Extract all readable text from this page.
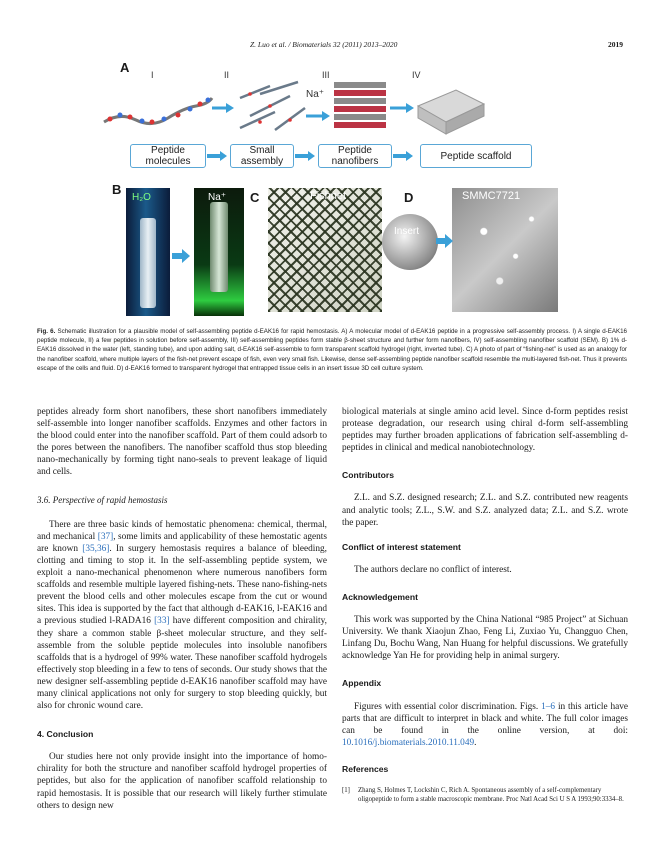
Z. Luo et al. / Biomaterials 32 (2011) 2013–2020	2019
A I	II	III	IV
Na⁺
Peptide molecules
Small assembly
Peptide nanofibers	Peptide scaffold
B
H₂O	Na⁺ C	Fishnet	D
Insert
SMMC7721
Fig. 6. Schematic illustration for a plausible model of self-assembling peptide d-EAK16 for rapid hemostasis. A) A molecular model of d-EAK16 peptide in a progressive self-assembly process. I) A single d-EAK16 peptide molecule, II) a few peptides in solution before self-assembly, III) self-assembling peptides form stable β-sheet structure and further form nanofibers, IV) self-assembling nanofiber scaffold (SEM). B) 1% d-EAK16 dissolved in the water (left, standing tube), and upon adding salt, d-EAK16 self-assemble to form transparent scaffold hydrogel (right, inverted tube). C) A photo of part of “fishing-net” is used as an analogy for the nanofiber scaffold, where multiple layers of the fish-net prevent escape of fish, even very small fish. Likewise, dense self-assembling peptide nanofiber scaffold resemble the multi-layered fish-net. Thus it prevents escape of the cells and fluid. D) d-EAK16 formed to transparent hydrogel that entrapped tissue cells in an insert tissue 3D cell culture system.

peptides already form short nanofibers, these short nanofibers immediately self-assemble into longer nanofiber scaffolds. Enzymes and other factors in the blood could enter into the nanofiber scaffold. Part of them could adsorb to the pores between the nanofibers. The nanofiber scaffold thus stop bleeding nano-mechanically by forming tight nano-seals to prevent leakage of liquid and cells.

3.6. Perspective of rapid hemostasis

There are three basic kinds of hemostatic phenomena: chemical, thermal, and mechanical [37], some limits and applicability of these hemostatic agents are known [35,36]. In surgery hemostasis requires a balance of bleeding, clotting and timing to stop it. In the self-assembling peptide system, we exploit a nano-mechanical phenomenon where numerous nanofibers form scaffolds and resemble multiple layered fishing-nets. These nano-fishing-nets prevent the blood cells and other molecules escape from the cut or wound sites. This idea is supported by the fact that although d-EAK16, l-EAK16 and a previous studied l-RADA16 [33] have different composition and chirality, they share a common stable β-sheet molecular structure, and they self-assemble from the soluble peptide molecules into insoluble nanofibers scaffolds that is a hydrogel of 99% water. These nanofiber scaffold hydrogels effectively stop bleeding in a few to tens of seconds. Our study shows that the new designer self-assembling peptide d-EAK16 nanofiber scaffold may have many clinical applications not only for surgery to stop bleeding quickly, but also for chronic wound care.

4. Conclusion

Our studies here not only provide insight into the importance of homo-chirality for both the structure and nanofiber scaffold hydrogel properties of peptides, but also for the application of nanofiber scaffold relationship to rapid hemostasis. It is possible that our research will likely further stimulate others to design new

biological materials at single amino acid level. Since d-form peptides resist protease degradation, our research using chiral d-form self-assembling peptides may further broaden applications of fabrication self-assembling d-peptides in clinical and medical nanobiotechnology.

Contributors

Z.L. and S.Z. designed research; Z.L. and S.Z. contributed new reagents and analytic tools; Z.L., S.W. and S.Z. analyzed data; Z.L. and S.Z. wrote the paper.

Conflict of interest statement

The authors declare no conflict of interest.

Acknowledgement

This work was supported by the China National “985 Project” at Sichuan University. We thank Xiaojun Zhao, Feng Li, Zuxiao Yu, Changguo Chen, Linfang Du, Bochu Wang, Nan Huang for helpful discussions. We gratefully acknowledge Yan He for providing help in animal surgery.

Appendix

Figures with essential color discrimination. Figs. 1–6 in this article have parts that are difficult to interpret in black and white. The full color images can be found in the online version, at doi: 10.1016/j.biomaterials.2010.11.049.

References
[1]	Zhang S, Holmes T, Lockshin C, Rich A. Spontaneous assembly of a self-complementary oligopeptide to form a stable macroscopic membrane. Proc Natl Acad Sci U S A 1993;90:3334–8.
